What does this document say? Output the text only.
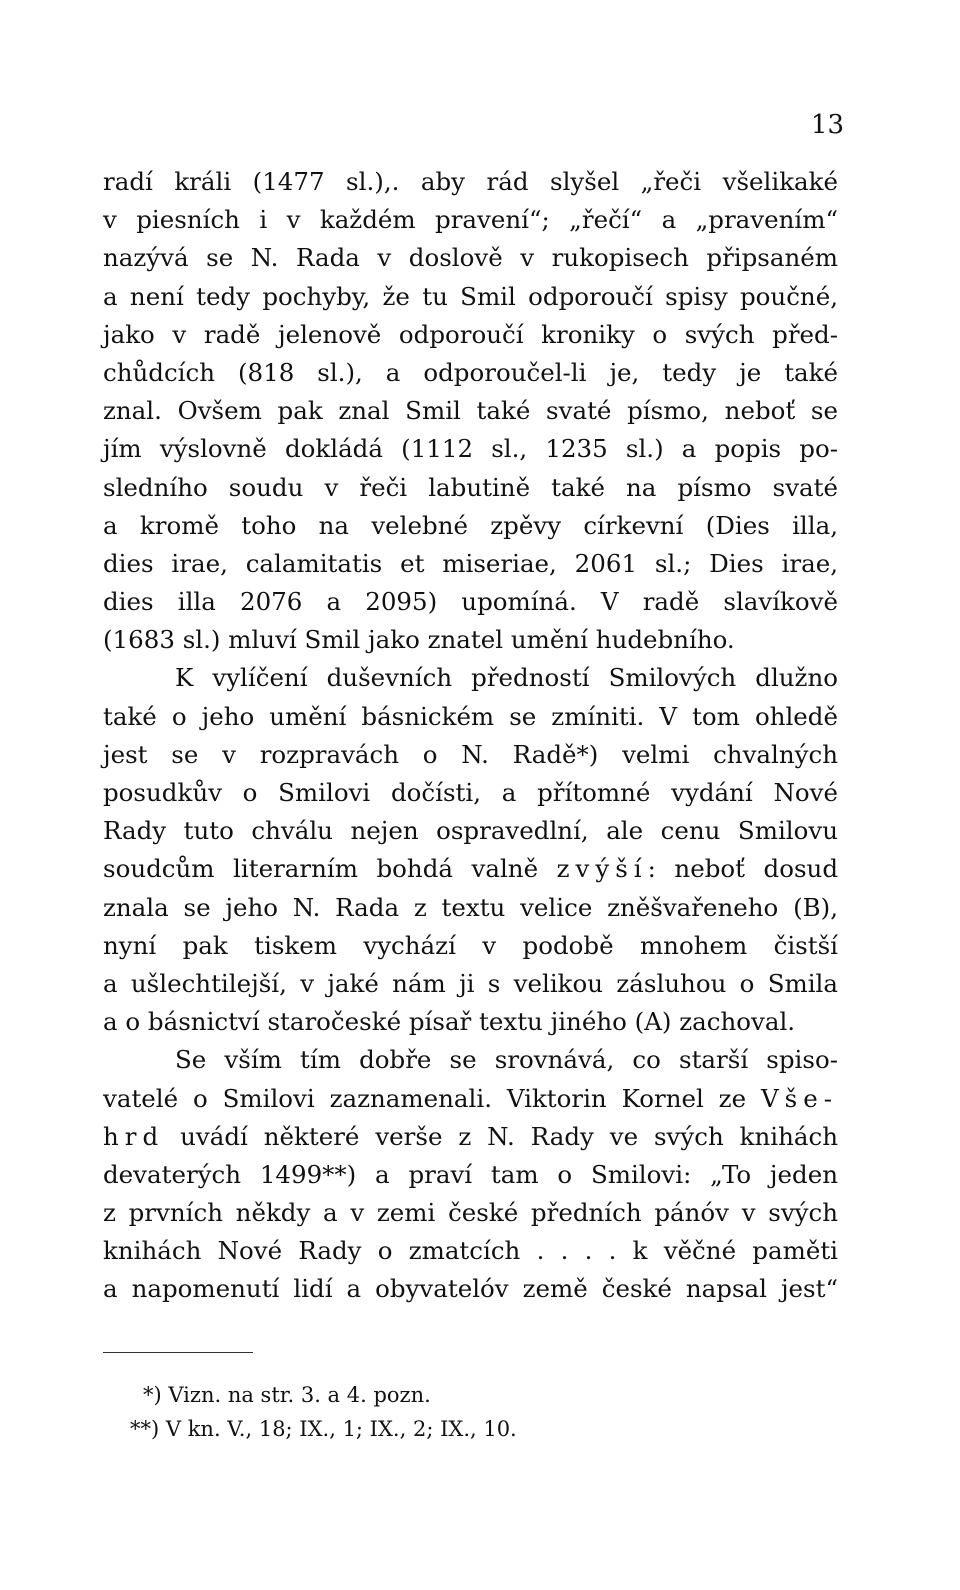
13
radí králi (1477 sl.),. aby rád slyšel „řeči všelikaké
v piesních i v každém pravení“; „řečí“ a „pravením“
nazývá se N. Rada v doslově v rukopisech připsaném
a není tedy pochyby, že tu Smil odporoučí spisy poučné,
jako v radě jelenově odporoučí kroniky o svých před-
chůdcích (818 sl.), a odporoučel-li je, tedy je také
znal. Ovšem pak znal Smil také svaté písmo, neboť se
jím výslovně dokládá (1112 sl., 1235 sl.) a popis po-
sledního soudu v řeči labutině také na písmo svaté
a kromě toho na velebné zpěvy církevní (Dies illa,
dies irae, calamitatis et miseriae, 2061 sl.; Dies irae,
dies illa 2076 a 2095) upomíná. V radě slavíkově
(1683 sl.) mluví Smil jako znatel umění hudebního.
K vylíčení duševních předností Smilových dlužno
také o jeho umění básnickém se zmíniti. V tom ohledě
jest se v rozpravách o N. Radě*) velmi chvalných
posudkův o Smilovi dočísti, a přítomné vydání Nové
Rady tuto chválu nejen ospravedlní, ale cenu Smilovu
soudcům literarním bohdá valně zvýší: neboť dosud
znala se jeho N. Rada z textu velice zněšvařeneho (B),
nyní pak tiskem vychází v podobě mnohem čistší
a ušlechtilejší, v jaké nám ji s velikou zásluhou o Smila
a o básnictví staročeské písař textu jiného (A) zachoval.
Se vším tím dobře se srovnává, co starší spiso-
vatelé o Smilovi zaznamenali. Viktorin Kornel ze Vše-
hrd uvádí některé verše z N. Rady ve svých knihách
devaterých 1499**) a praví tam o Smilovi: „To jeden
z prvních někdy a v zemi české předních pánóv v svých
knihách Nové Rady o zmatcích . . . . k věčné paměti
a napomenutí lidí a obyvatelóv země české napsal jest“
*) Vizn. na str. 3. a 4. pozn.
**) V kn. V., 18; IX., 1; IX., 2; IX., 10.
